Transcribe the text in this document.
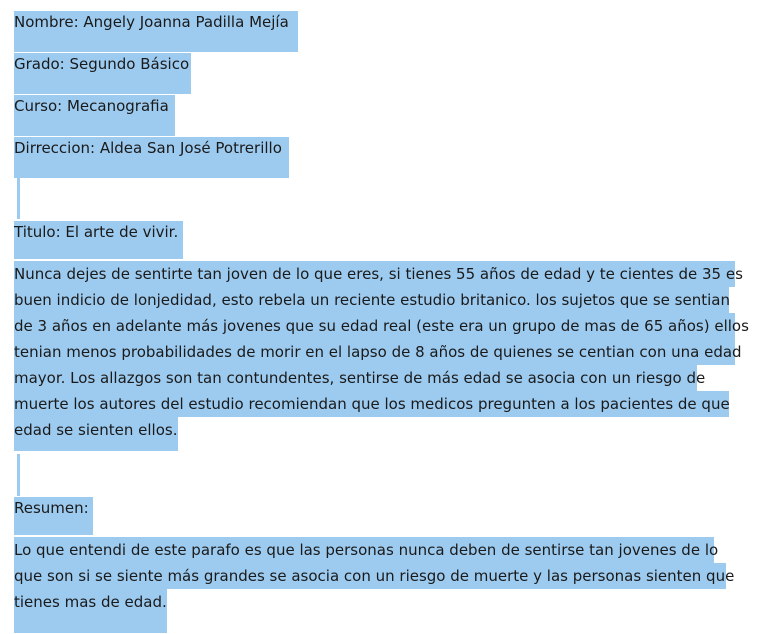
Nombre: Angely Joanna Padilla Mejía
Grado: Segundo Básico
Curso: Mecanografia
Dirreccion: Aldea San José Potrerillo
Titulo: El arte de vivir.
Nunca dejes de sentirte tan joven de lo que eres, si tienes 55 años de edad y te cientes de 35 es
buen indicio de lonjedidad, esto rebela un reciente estudio britanico. los sujetos que se sentian
de 3 años en adelante más jovenes que su edad real (este era un grupo de mas de 65 años) ellos
tenian menos probabilidades de morir en el lapso de 8 años de quienes se centian con una edad
mayor. Los allazgos son tan contundentes, sentirse de más edad se asocia con un riesgo de
muerte los autores del estudio recomiendan que los medicos pregunten a los pacientes de que
edad se sienten ellos.
Resumen:
Lo que entendi de este parafo es que las personas nunca deben de sentirse tan jovenes de lo
que son si se siente más grandes se asocia con un riesgo de muerte y las personas sienten que
tienes mas de edad.
